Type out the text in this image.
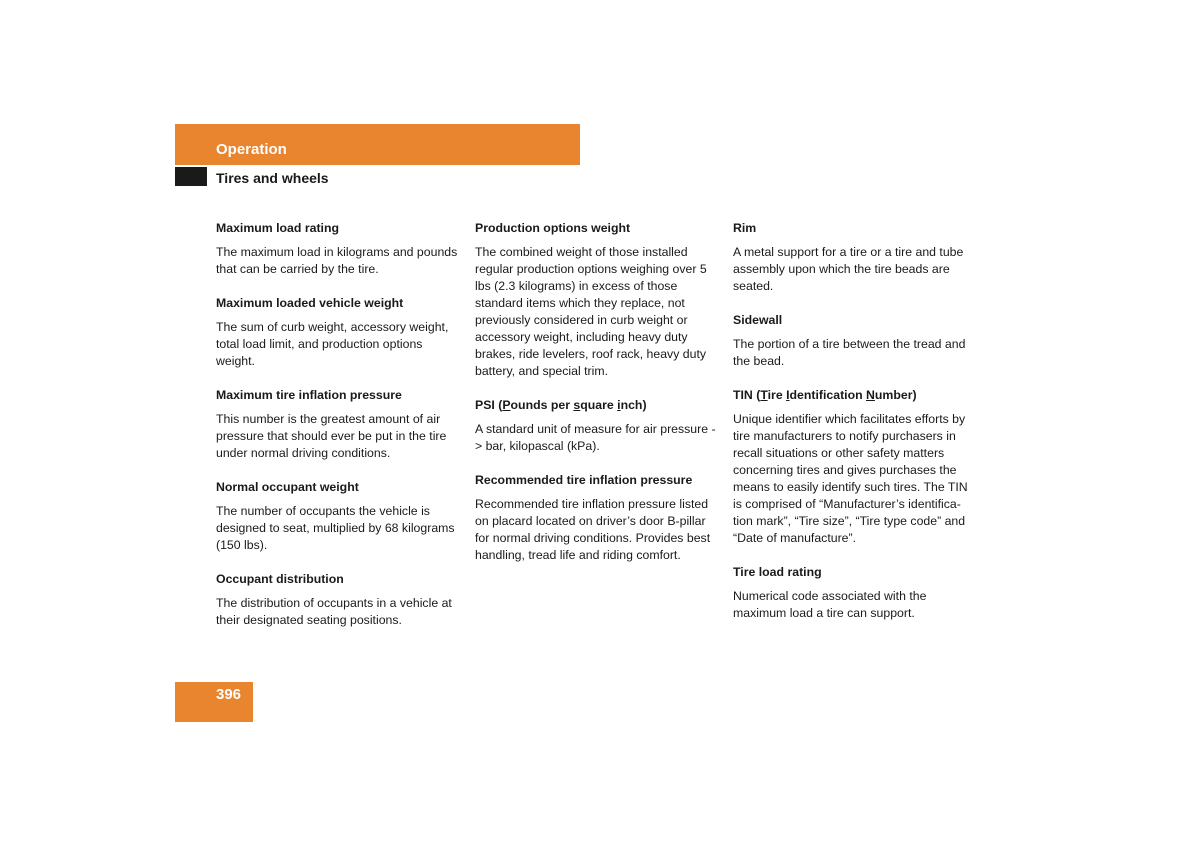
Operation
Tires and wheels

Maximum load rating

The maximum load in kilograms and pounds that can be carried by the tire.

Maximum loaded vehicle weight

The sum of curb weight, accessory weight, total load limit, and production options weight.

Maximum tire inflation pressure

This number is the greatest amount of air pressure that should ever be put in the tire under normal driving conditions.

Normal occupant weight

The number of occupants the vehicle is designed to seat, multiplied by 68 kilograms (150 lbs).

Occupant distribution

The distribution of occupants in a vehicle at their designated seating positions.

Production options weight

The combined weight of those installed regular production options weighing over 5 lbs (2.3 kilograms) in excess of those standard items which they replace, not previously considered in curb weight or accessory weight, including heavy duty brakes, ride levelers, roof rack, heavy duty battery, and special trim.

PSI (Pounds per square inch)

A standard unit of measure for air pressure -> bar, kilopascal (kPa).

Recommended tire inflation pressure

Recommended tire inflation pressure listed on placard located on driver’s door B-pillar for normal driving conditions. Provides best handling, tread life and riding comfort.

Rim

A metal support for a tire or a tire and tube assembly upon which the tire beads are seated.

Sidewall

The portion of a tire between the tread and the bead.

TIN (Tire Identification Number)

Unique identifier which facilitates efforts by tire manufacturers to notify purchasers in recall situations or other safety matters concerning tires and gives purchases the means to easily identify such tires. The TIN is comprised of “Manufacturer’s identifica-tion mark”, “Tire size”, “Tire type code” and “Date of manufacture”.

Tire load rating

Numerical code associated with the maximum load a tire can support.

396
